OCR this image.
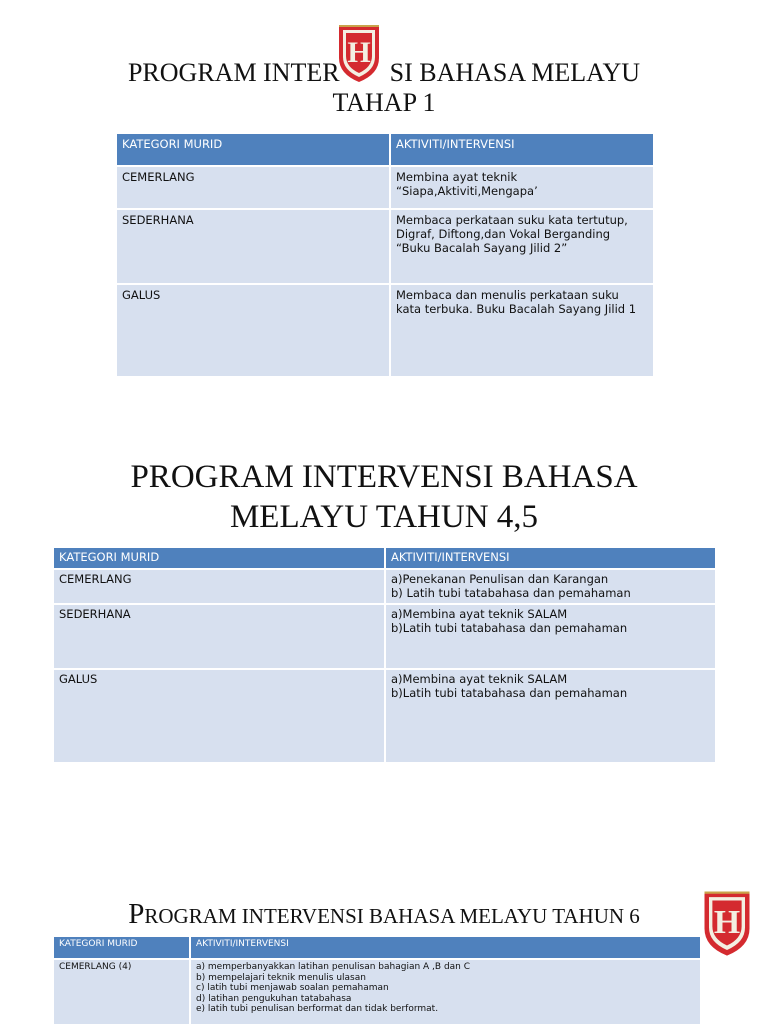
PROGRAM INTER SI BAHASA MELAYU
TAHAP 1
H
KATEGORI MURID	AKTIVITI/INTERVENSI
CEMERLANG	Membina ayat teknik
“Siapa,Aktiviti,Mengapa’

SEDERHANA	Membaca perkataan suku kata tertutup,
Digraf, Diftong,dan Vokal Berganding
“Buku Bacalah Sayang Jilid 2”

GALUS	Membaca dan menulis perkataan suku
kata terbuka. Buku Bacalah Sayang Jilid 1
PROGRAM INTERVENSI BAHASA
MELAYU TAHUN 4,5
KATEGORI MURID	AKTIVITI/INTERVENSI
CEMERLANG	a)Penekanan Penulisan dan Karangan
b) Latih tubi tatabahasa dan pemahaman

SEDERHANA	a)Membina ayat teknik SALAM
b)Latih tubi tatabahasa dan pemahaman

GALUS	a)Membina ayat teknik SALAM
b)Latih tubi tatabahasa dan pemahaman
PROGRAM INTERVENSI BAHASA MELAYU TAHUN 6	H
KATEGORI MURID	AKTIVITI/INTERVENSI
CEMERLANG (4)	a) memperbanyakkan latihan penulisan bahagian A ,B dan C
b) mempelajari teknik menulis ulasan
c) latih tubi menjawab soalan pemahaman
d) latihan pengukuhan tatabahasa
e) latih tubi penulisan berformat dan tidak berformat.
